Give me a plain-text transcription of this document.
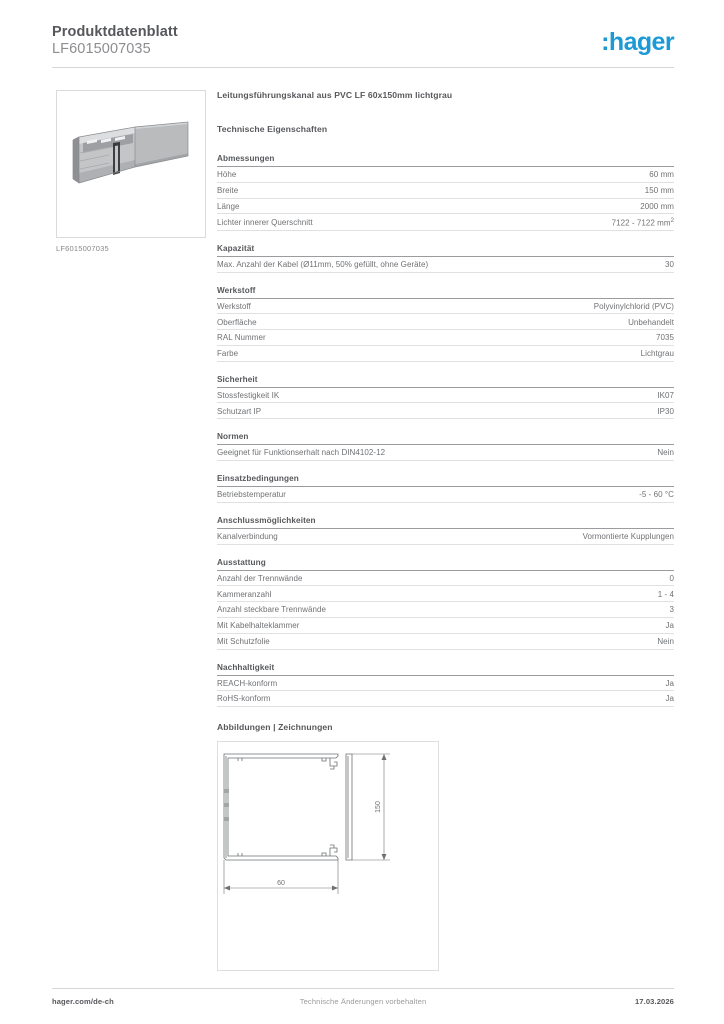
Produktdatenblatt
LF6015007035	:hager
LF6015007035
Leitungsführungskanal aus PVC LF 60x150mm lichtgrau
Technische Eigenschaften
Abmessungen
Höhe	60 mm
Breite	150 mm
Länge	2000 mm
Lichter innerer Querschnitt	7122 - 7122 $mm^2$
Kapazität
Max. Anzahl der Kabel (Ø11mm, 50% gefüllt, ohne Geräte)	30
Werkstoff
Werkstoff	Polyvinylchlorid (PVC)
Oberfläche	Unbehandelt
RAL Nummer	7035
Farbe	Lichtgrau
Sicherheit
Stossfestigkeit IK	IK07
Schutzart IP	IP30
Normen
Geeignet für Funktionserhalt nach DIN4102-12	Nein
Einsatzbedingungen
Betriebstemperatur	-5 - 60 °C
Anschlussmöglichkeiten
Kanalverbindung	Vormontierte Kupplungen
Ausstattung
Anzahl der Trennwände	0
Kammeranzahl	1 - 4
Anzahl steckbare Trennwände	3
Mit Kabelhalteklammer	Ja
Mit Schutzfolie	Nein
Nachhaltigkeit
REACH-konform	Ja
RoHS-konform	Ja
Abbildungen | Zeichnungen
150
60
hager.com/de-ch	Technische Änderungen vorbehalten	17.03.2026
